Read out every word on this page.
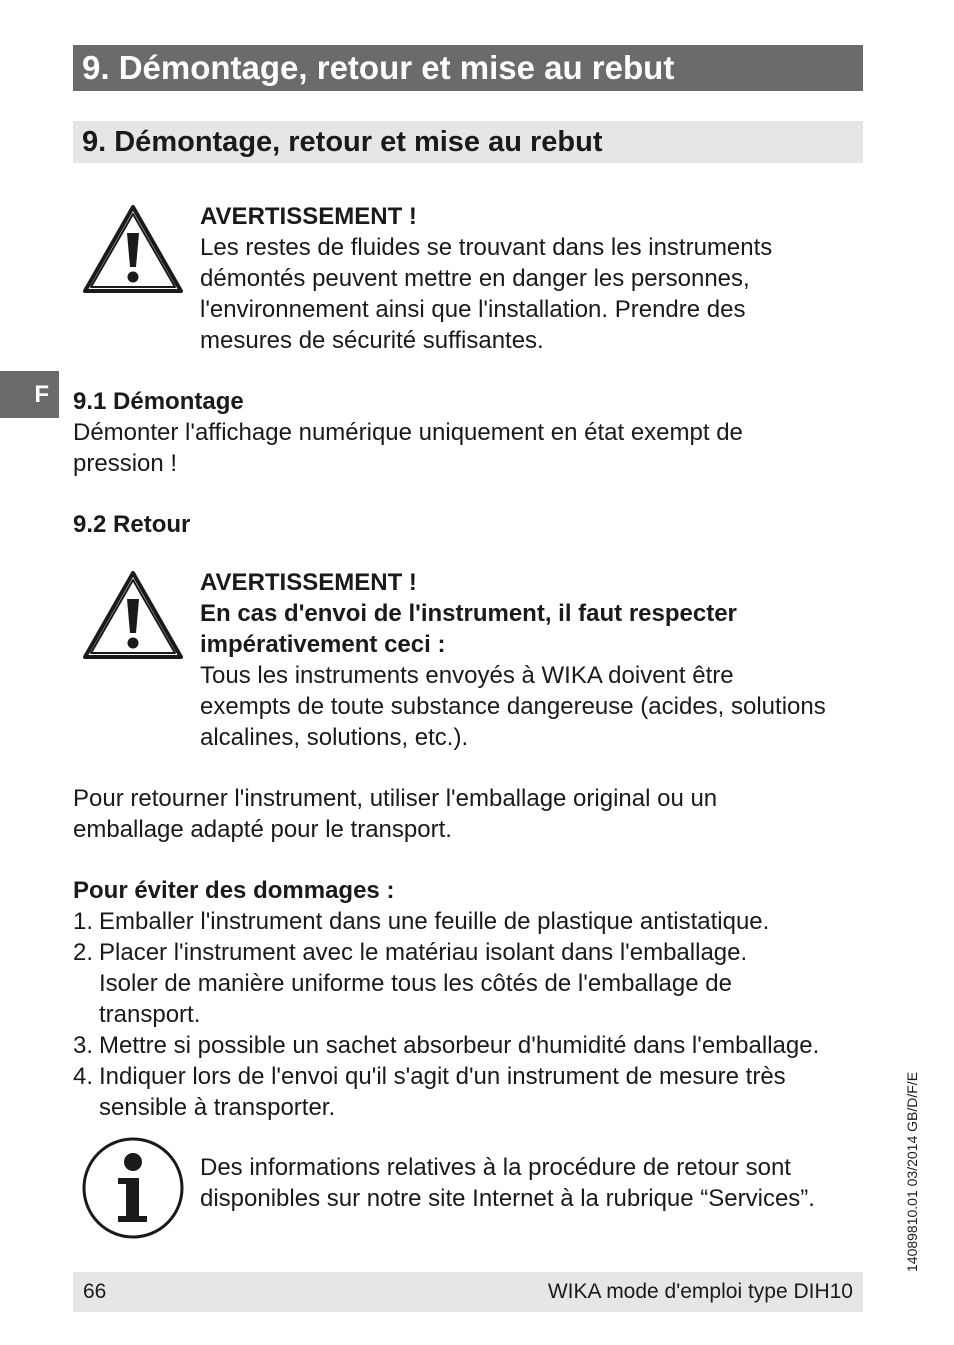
9. Démontage, retour et mise au rebut
9. Démontage, retour et mise au rebut
F
AVERTISSEMENT !
Les restes de fluides se trouvant dans les instruments
démontés peuvent mettre en danger les personnes,
l'environnement ainsi que l'installation. Prendre des
mesures de sécurité suffisantes.
9.1 Démontage
Démonter l'affichage numérique uniquement en état exempt de
pression !
9.2 Retour
AVERTISSEMENT !
En cas d'envoi de l'instrument, il faut respecter
impérativement ceci :
Tous les instruments envoyés à WIKA doivent être
exempts de toute substance dangereuse (acides, solutions
alcalines, solutions, etc.).
Pour retourner l'instrument, utiliser l'emballage original ou un
emballage adapté pour le transport.
Pour éviter des dommages :
1. Emballer l'instrument dans une feuille de plastique antistatique.
2. Placer l'instrument avec le matériau isolant dans l'emballage.
Isoler de manière uniforme tous les côtés de l'emballage de
transport.
3. Mettre si possible un sachet absorbeur d'humidité dans l'emballage.
4. Indiquer lors de l'envoi qu'il s'agit d'un instrument de mesure très
sensible à transporter.
Des informations relatives à la procédure de retour sont
disponibles sur notre site Internet à la rubrique “Services”.
66	WIKA mode d'emploi type DIH10
14089810.01 03/2014 GB/D/F/E
